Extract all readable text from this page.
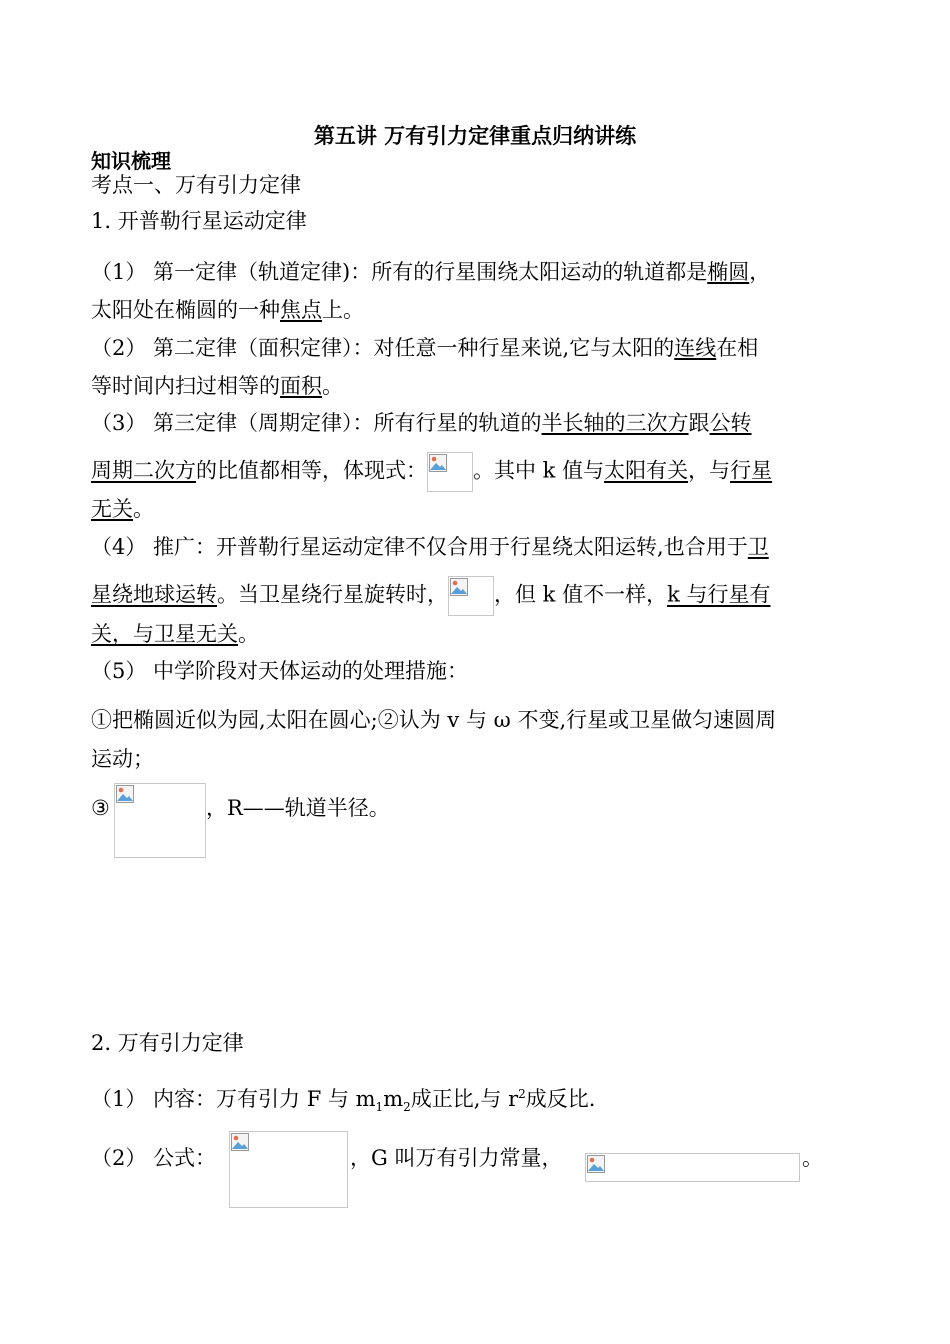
第五讲 万有引力定律重点归纳讲练
知识梳理
考点一、万有引力定律
1. 开普勒行星运动定律
（1） 第一定律（轨道定律)：所有的行星围绕太阳运动的轨道都是椭圆，
太阳处在椭圆的一种焦点上。
（2） 第二定律（面积定律）：对任意一种行星来说,它与太阳的连线在相
等时间内扫过相等的面积。
（3） 第三定律（周期定律）：所有行星的轨道的半长轴的三次方跟公转
周期二次方的比值都相等，体现式： 。其中 k 值与太阳有关，与行星
无关。
（4） 推广：开普勒行星运动定律不仅合用于行星绕太阳运转,也合用于卫
星绕地球运转。当卫星绕行星旋转时， ，但 k 值不一样，k 与行星有
关，与卫星无关。
（5） 中学阶段对天体运动的处理措施：
①把椭圆近似为园,太阳在圆心;②认为 v 与 ω 不变,行星或卫星做匀速圆周
运动；
③	，R——轨道半径。
2. 万有引力定律
（1） 内容：万有引力 F 与 $m_1m_2$成正比,与 $r^2$成反比.
（2） 公式：	，G 叫万有引力常量，	。
